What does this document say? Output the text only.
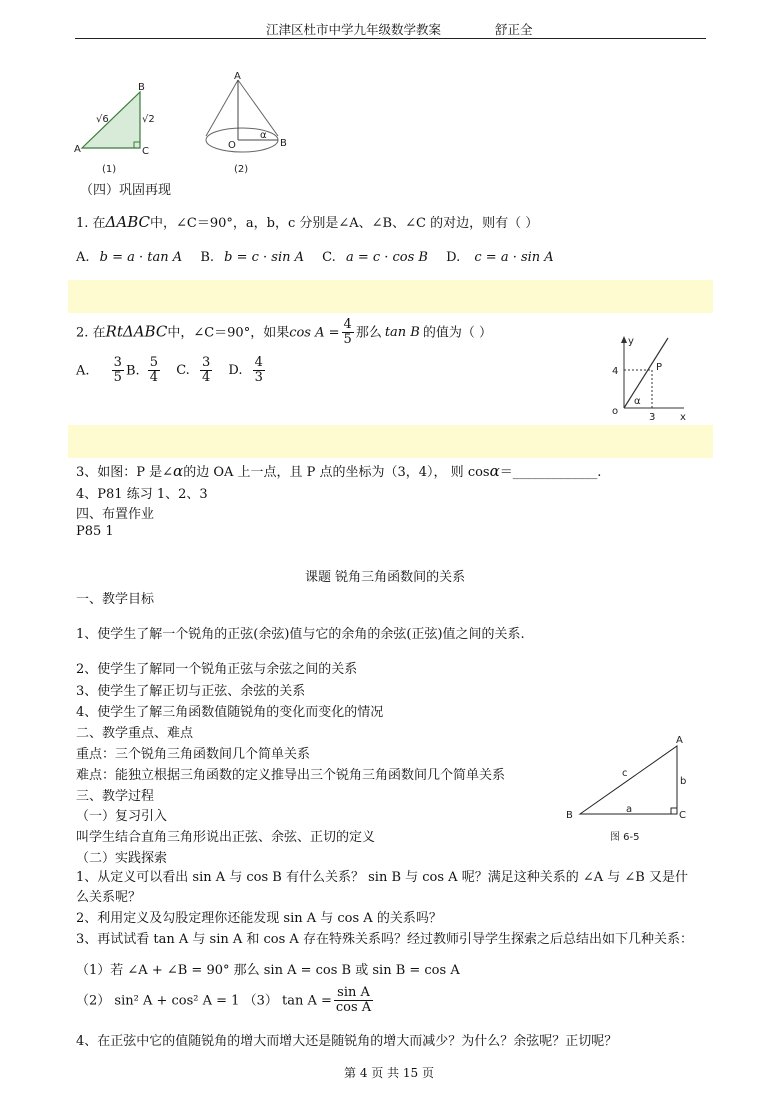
江津区杜市中学九年级数学教案	舒正全
A
B
C
√6	√2
(1)
A
O
α
B
(2)
（四）巩固再现
1. 在ΔABC中，∠C＝90°，a，b，c 分别是∠A、∠B、∠C 的对边，则有（ ）
A. b = a · tan A B. b = c · sin A C. a = c · cos B D. c = a · sin A
2. 在RtΔABC中，∠C＝90°，如果$\cos A = \frac{4}{5}$ 那么 tan B 的值为（ ）
A. $\frac{3}{5} B$. $\frac{5}{4} C$. $\frac{3}{4} D$. $\frac{4}{3}$
y
x
P
4
3
o
α
3、如图：P 是∠α的边 OA 上一点，且 P 点的坐标为（3，4）， 则 cosα＝_____________.
4、P81 练习 1、2、3
四、布置作业
P85 1
课题 锐角三角函数间的关系
一、教学目标
1、使学生了解一个锐角的正弦(余弦)值与它的余角的余弦(正弦)值之间的关系.
2、使学生了解同一个锐角正弦与余弦之间的关系
3、使学生了解正切与正弦、余弦的关系
4、使学生了解三角函数值随锐角的变化而变化的情况
二、教学重点、难点
重点：三个锐角三角函数间几个简单关系
难点：能独立根据三角函数的定义推导出三个锐角三角函数间几个简单关系
三、教学过程
（一）复习引入
叫学生结合直角三角形说出正弦、余弦、正切的定义
（二）实践探索
A
B	C
c
b
a
图 6-5
1、从定义可以看出 sin A 与 cos B 有什么关系？ sin B 与 cos A 呢？满足这种关系的 ∠A 与 ∠B 又是什
么关系呢？
2、利用定义及勾股定理你还能发现 sin A 与 cos A 的关系吗？
3、再试试看 tan A 与 sin A 和 cos A 存在特殊关系吗？经过教师引导学生探索之后总结出如下几种关系：
（1）若 ∠A + ∠B = 90° 那么 sin A = cos B 或 sin B = cos A
（2） sin² A + cos² A = 1 （3） $\tan A = \frac{\text{sin A}}{\text{cos A}}$
4、在正弦中它的值随锐角的增大而增大还是随锐角的增大而减少？为什么？余弦呢？正切呢？
第 4 页 共 15 页
